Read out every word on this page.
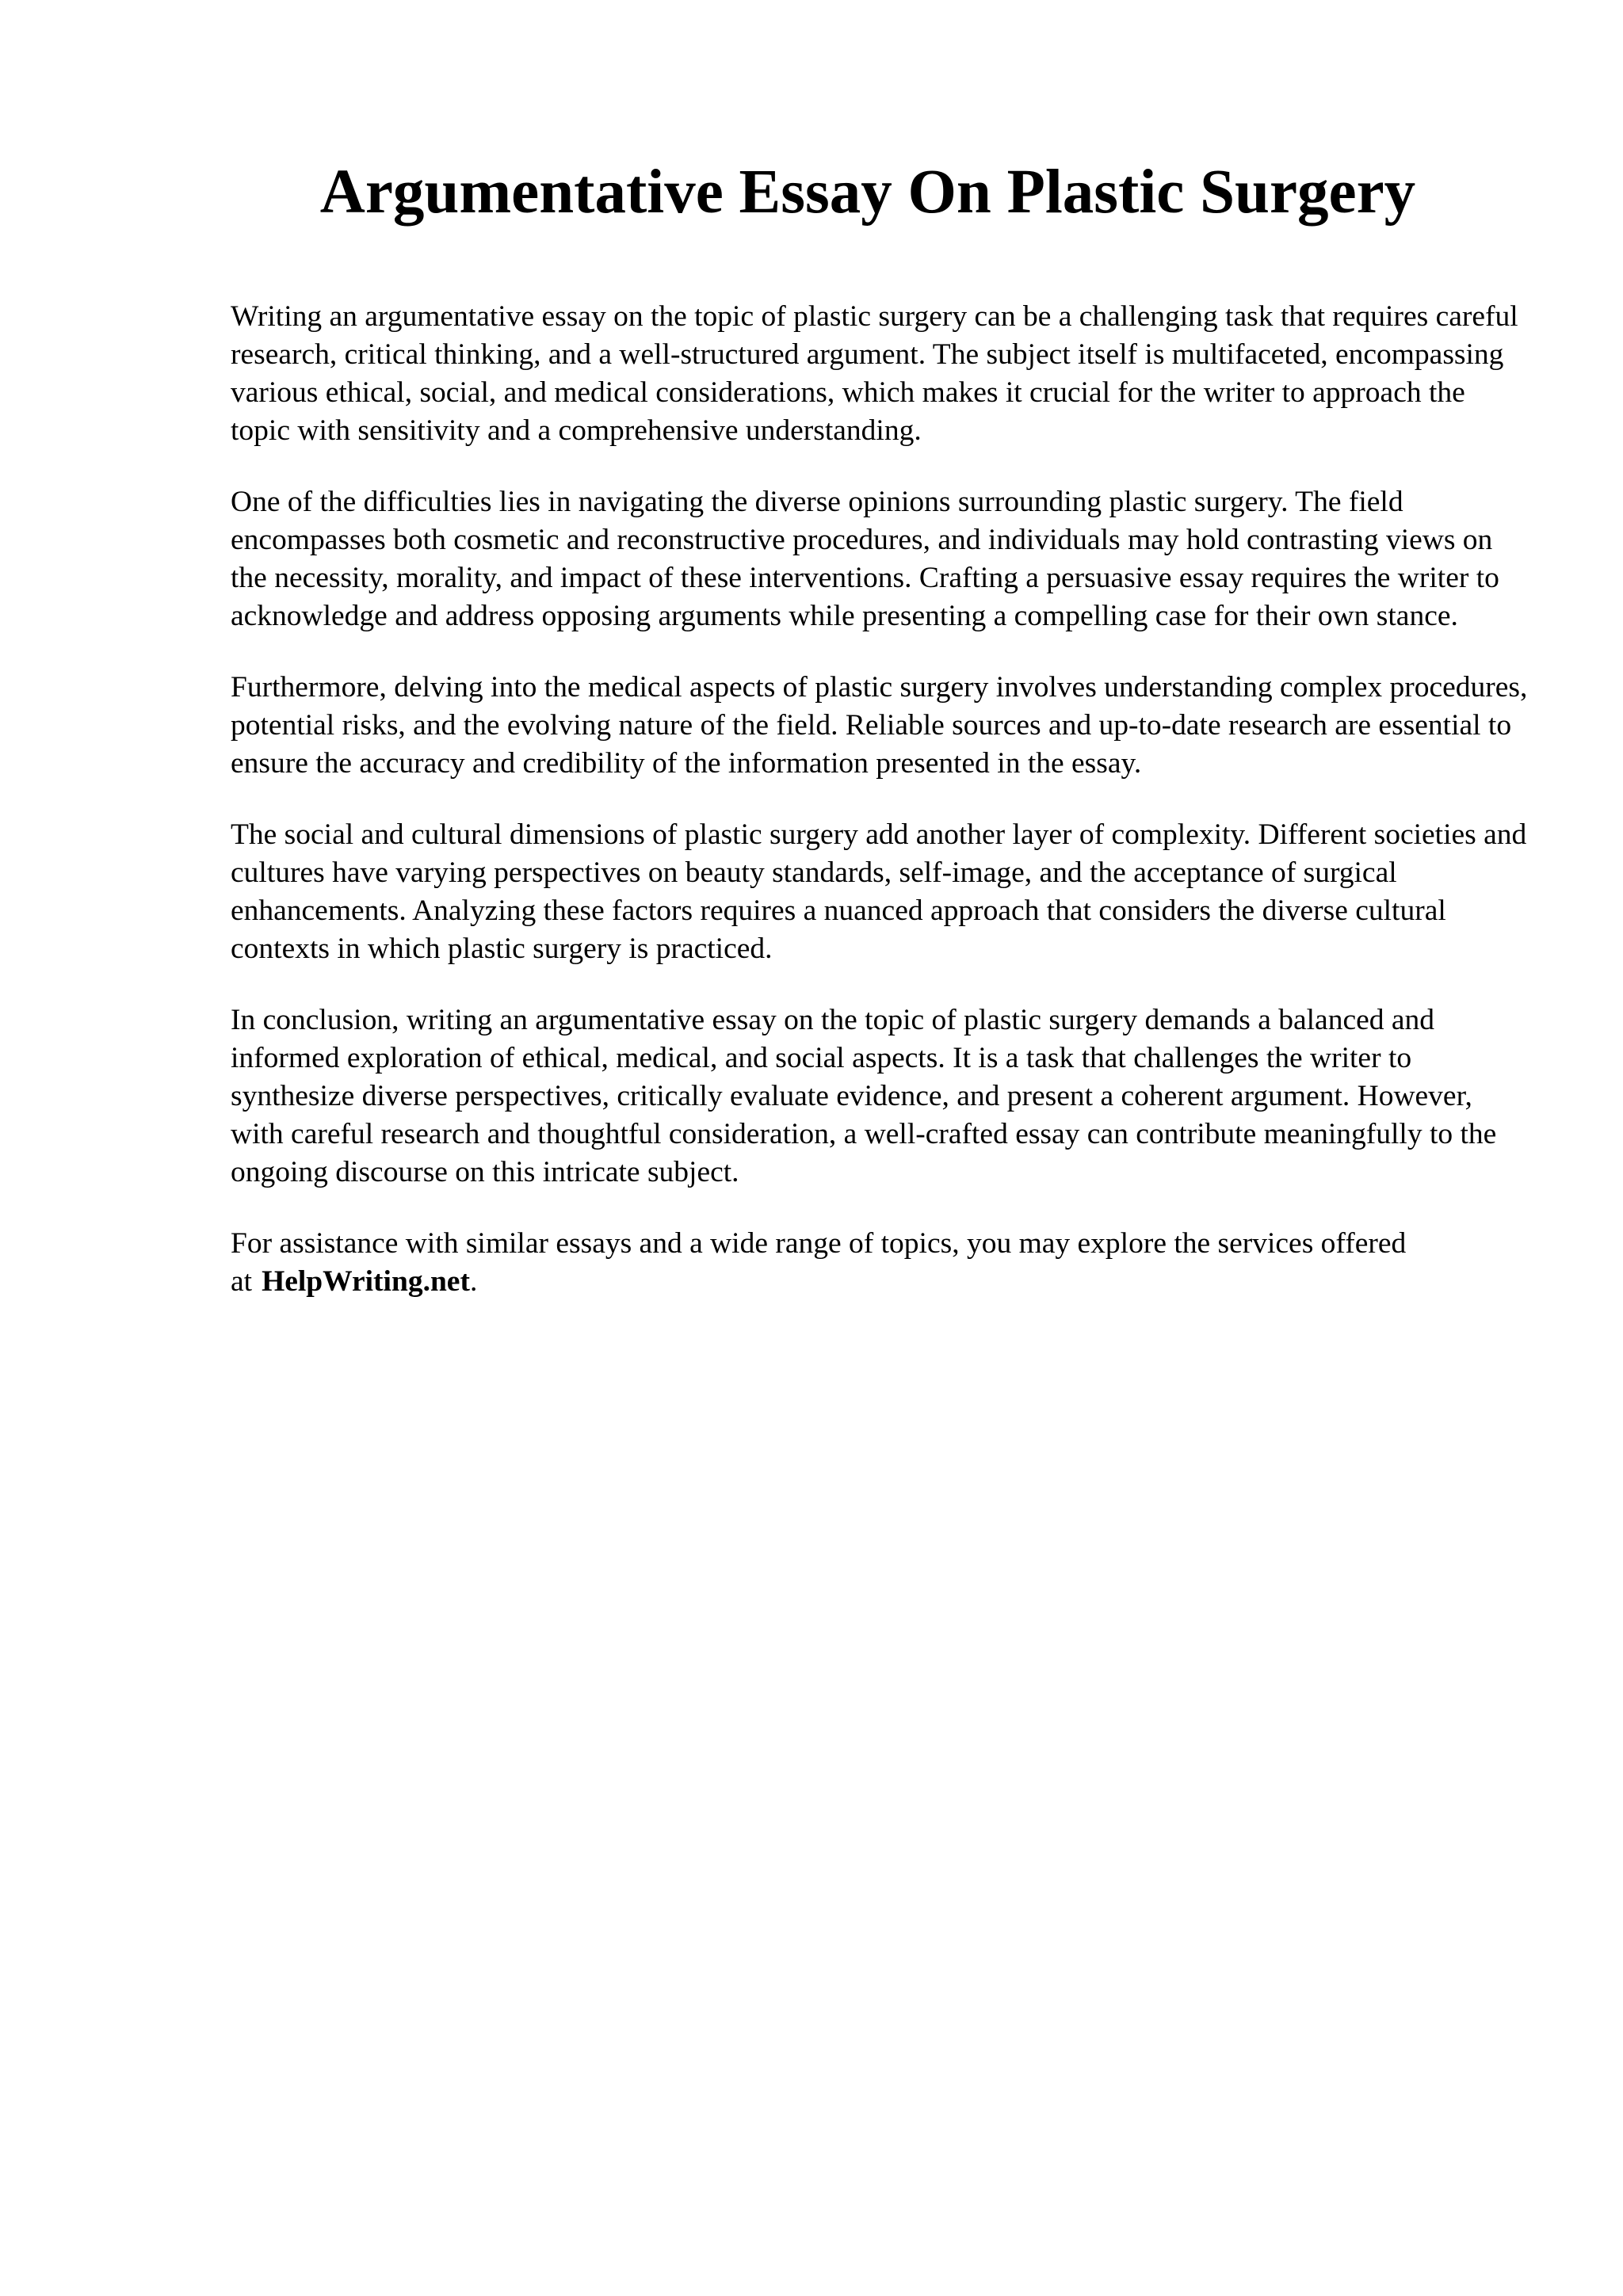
Argumentative Essay On Plastic Surgery

Writing an argumentative essay on the topic of plastic surgery can be a challenging task that requires careful research, critical thinking, and a well-structured argument. The subject itself is multifaceted, encompassing various ethical, social, and medical considerations, which makes it crucial for the writer to approach the topic with sensitivity and a comprehensive understanding.

One of the difficulties lies in navigating the diverse opinions surrounding plastic surgery. The field encompasses both cosmetic and reconstructive procedures, and individuals may hold contrasting views on the necessity, morality, and impact of these interventions. Crafting a persuasive essay requires the writer to acknowledge and address opposing arguments while presenting a compelling case for their own stance.

Furthermore, delving into the medical aspects of plastic surgery involves understanding complex procedures, potential risks, and the evolving nature of the field. Reliable sources and up-to-date research are essential to ensure the accuracy and credibility of the information presented in the essay.

The social and cultural dimensions of plastic surgery add another layer of complexity. Different societies and cultures have varying perspectives on beauty standards, self-image, and the acceptance of surgical enhancements. Analyzing these factors requires a nuanced approach that considers the diverse cultural contexts in which plastic surgery is practiced.

In conclusion, writing an argumentative essay on the topic of plastic surgery demands a balanced and informed exploration of ethical, medical, and social aspects. It is a task that challenges the writer to synthesize diverse perspectives, critically evaluate evidence, and present a coherent argument. However, with careful research and thoughtful consideration, a well-crafted essay can contribute meaningfully to the ongoing discourse on this intricate subject.

For assistance with similar essays and a wide range of topics, you may explore the services offered at HelpWriting.net.
